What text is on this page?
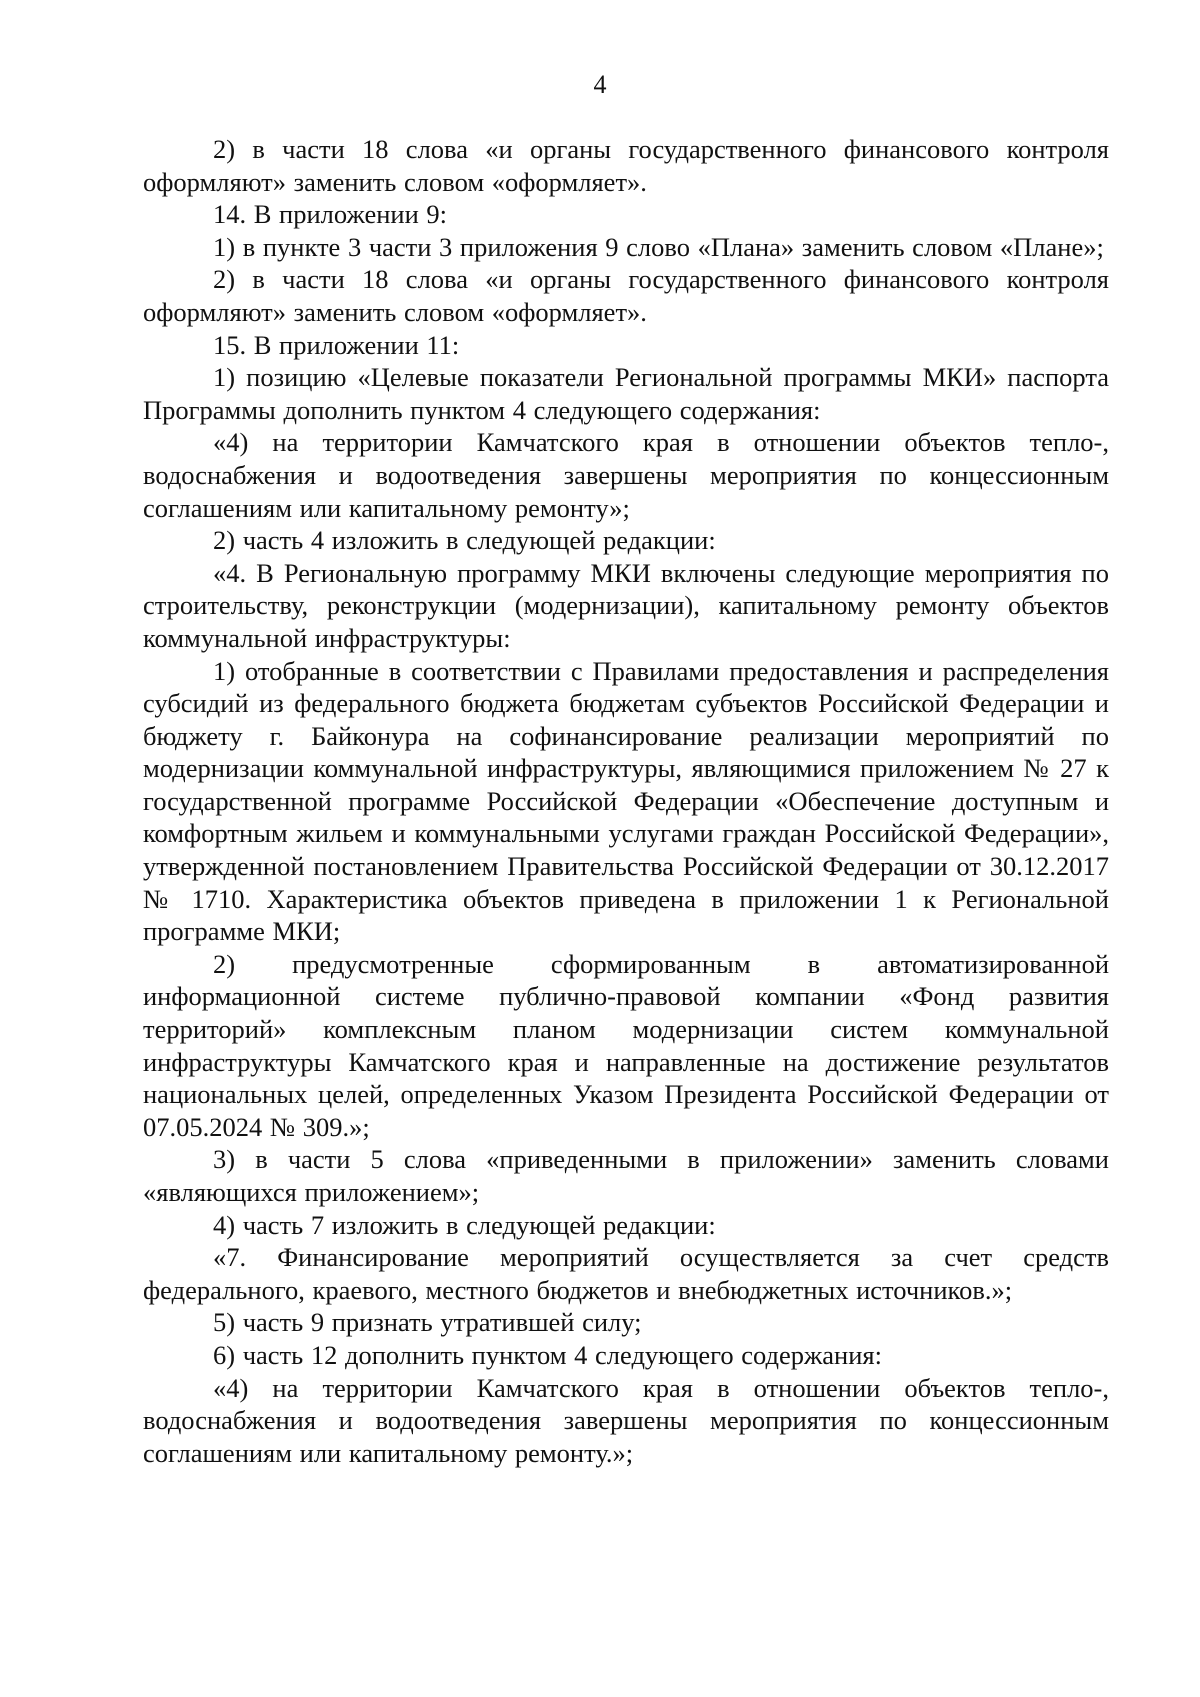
4

2) в части 18 слова «и органы государственного финансового контроля оформляют» заменить словом «оформляет».

14. В приложении 9:

1) в пункте 3 части 3 приложения 9 слово «Плана» заменить словом «Плане»;

2) в части 18 слова «и органы государственного финансового контроля оформляют» заменить словом «оформляет».

15. В приложении 11:

1) позицию «Целевые показатели Региональной программы МКИ» паспорта Программы дополнить пунктом 4 следующего содержания:

«4) на территории Камчатского края в отношении объектов тепло-, водоснабжения и водоотведения завершены мероприятия по концессионным соглашениям или капитальному ремонту»;

2) часть 4 изложить в следующей редакции:

«4. В Региональную программу МКИ включены следующие мероприятия по строительству, реконструкции (модернизации), капитальному ремонту объектов коммунальной инфраструктуры:

1) отобранные в соответствии с Правилами предоставления и распределения субсидий из федерального бюджета бюджетам субъектов Российской Федерации и бюджету г. Байконура на софинансирование реализации мероприятий по модернизации коммунальной инфраструктуры, являющимися приложением № 27 к государственной программе Российской Федерации «Обеспечение доступным и комфортным жильем и коммунальными услугами граждан Российской Федерации», утвержденной постановлением Правительства Российской Федерации от 30.12.2017 № 1710. Характеристика объектов приведена в приложении 1 к Региональной программе МКИ;

2) предусмотренные сформированным в автоматизированной информационной системе публично-правовой компании «Фонд развития территорий» комплексным планом модернизации систем коммунальной инфраструктуры Камчатского края и направленные на достижение результатов национальных целей, определенных Указом Президента Российской Федерации от 07.05.2024 № 309.»;

3) в части 5 слова «приведенными в приложении» заменить словами «являющихся приложением»;

4) часть 7 изложить в следующей редакции:

«7. Финансирование мероприятий осуществляется за счет средств федерального, краевого, местного бюджетов и внебюджетных источников.»;

5) часть 9 признать утратившей силу;

6) часть 12 дополнить пунктом 4 следующего содержания:

«4) на территории Камчатского края в отношении объектов тепло-, водоснабжения и водоотведения завершены мероприятия по концессионным соглашениям или капитальному ремонту.»;
